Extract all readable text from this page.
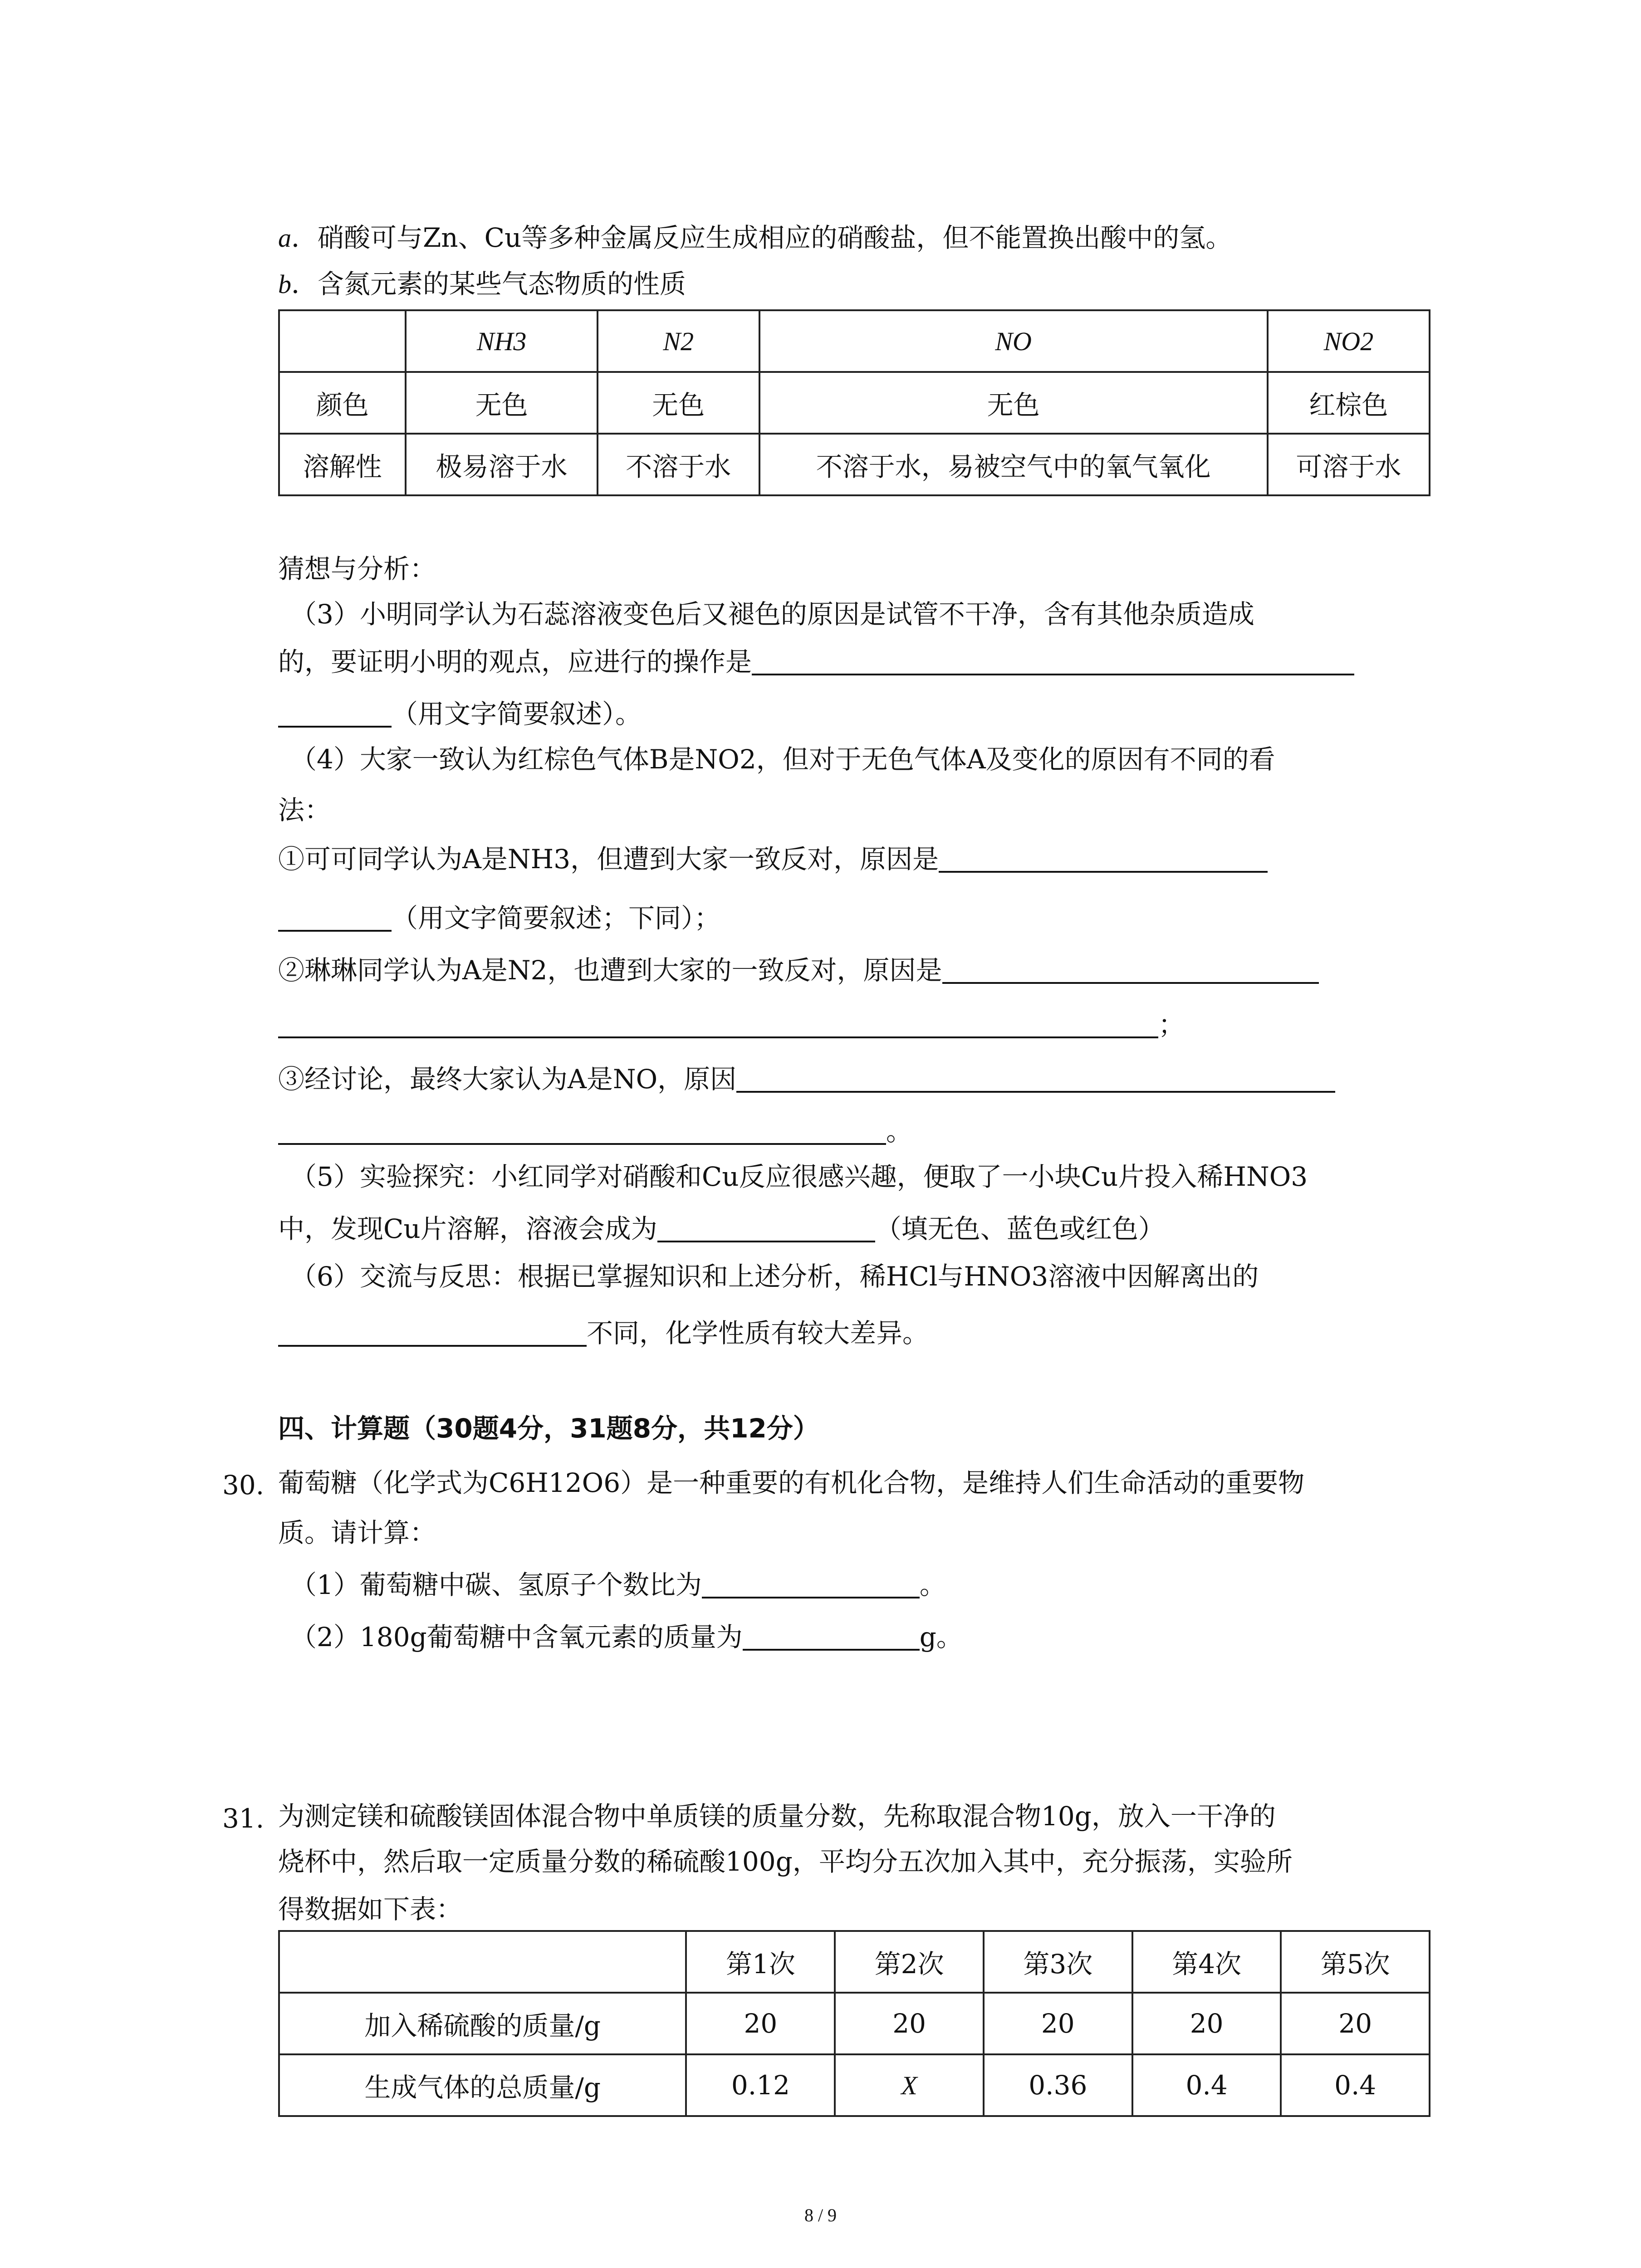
a．硝酸可与Zn、Cu等多种金属反应生成相应的硝酸盐，但不能置换出酸中的氢。
b．含氮元素的某些气态物质的性质
	NH3	N2	NO	NO2
颜色	无色	无色	无色	红棕色
溶解性	极易溶于水	不溶于水	不溶于水，易被空气中的氧气氧化	可溶于水
猜想与分析：
（3）小明同学认为石蕊溶液变色后又褪色的原因是试管不干净，含有其他杂质造成
的，要证明小明的观点，应进行的操作是
（用文字简要叙述）。
（4）大家一致认为红棕色气体B是NO2，但对于无色气体A及变化的原因有不同的看
法：
①可可同学认为A是NH3，但遭到大家一致反对，原因是
（用文字简要叙述；下同）；
②琳琳同学认为A是N2，也遭到大家的一致反对，原因是
；
③经讨论，最终大家认为A是NO，原因
。
（5）实验探究：小红同学对硝酸和Cu反应很感兴趣，便取了一小块Cu片投入稀HNO3
中，发现Cu片溶解，溶液会成为	（填无色、蓝色或红色）
（6）交流与反思：根据已掌握知识和上述分析，稀HCl与HNO3溶液中因解离出的
不同，化学性质有较大差异。
四、计算题（30题4分，31题8分，共12分）
30. 葡萄糖（化学式为C6H12O6）是一种重要的有机化合物，是维持人们生命活动的重要物
质。请计算：
（1）葡萄糖中碳、氢原子个数比为	。
（2）180g葡萄糖中含氧元素的质量为	g。
31. 为测定镁和硫酸镁固体混合物中单质镁的质量分数，先称取混合物10g，放入一干净的
烧杯中，然后取一定质量分数的稀硫酸100g，平均分五次加入其中，充分振荡，实验所
得数据如下表：
	第1次	第2次	第3次	第4次	第5次
加入稀硫酸的质量/g	20	20	20	20	20
生成气体的总质量/g	0.12	X	0.36	0.4	0.4
8 / 9
